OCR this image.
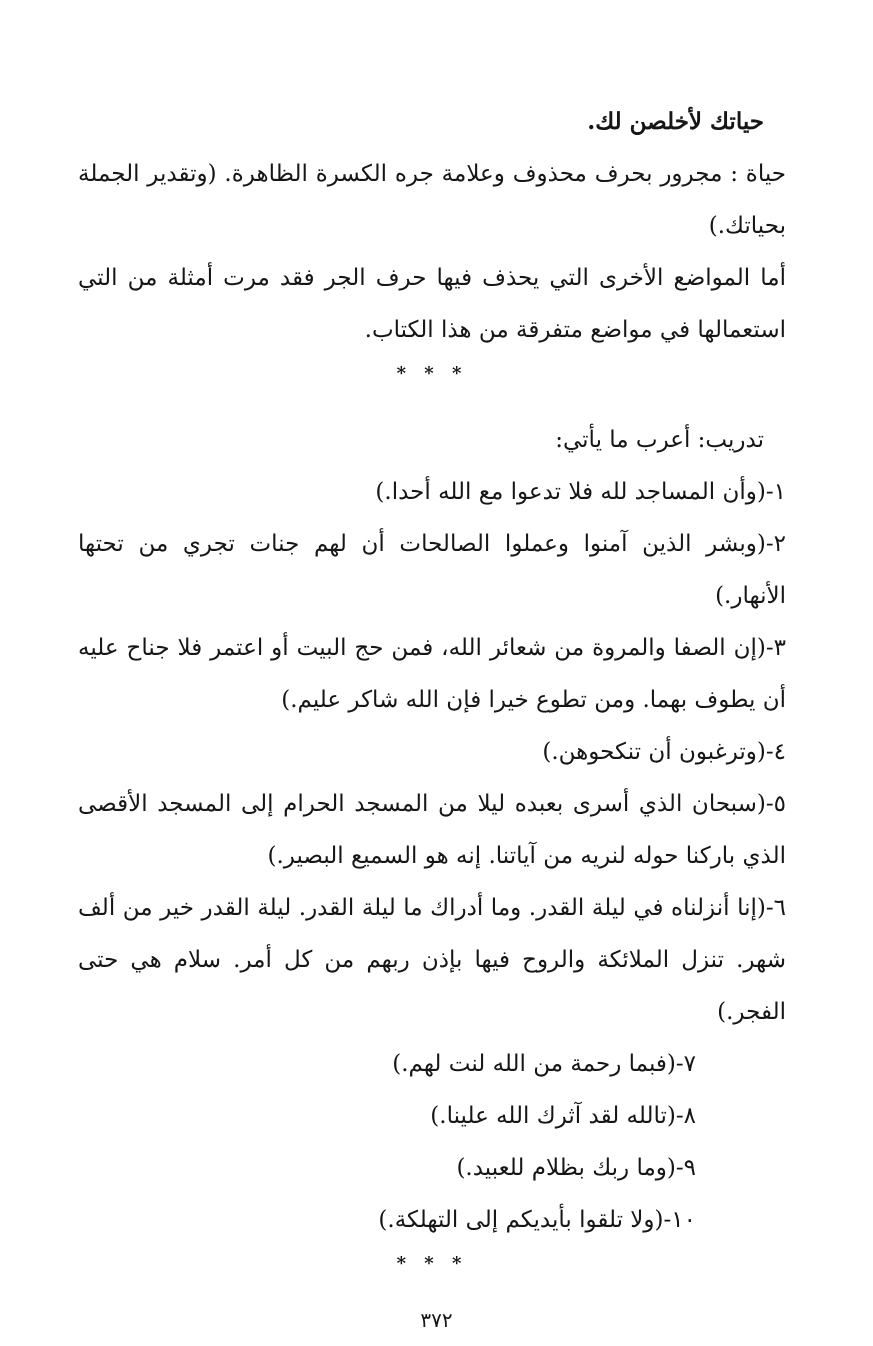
حياتك لأخلصن لك.
حياة : مجرور بحرف محذوف وعلامة جره الكسرة الظاهرة. (وتقدير الجملة
بحياتك.)
أما المواضع الأخرى التي يحذف فيها حرف الجر فقد مرت أمثلة من التي
استعمالها في مواضع متفرقة من هذا الكتاب.
* * *
تدريب: أعرب ما يأتي:
١-(وأن المساجد لله فلا تدعوا مع الله أحدا.)
٢-(وبشر الذين آمنوا وعملوا الصالحات أن لهم جنات تجري من تحتها
الأنهار.)
٣-(إن الصفا والمروة من شعائر الله، فمن حج البيت أو اعتمر فلا جناح عليه
أن يطوف بهما. ومن تطوع خيرا فإن الله شاكر عليم.)
٤-(وترغبون أن تنكحوهن.)
٥-(سبحان الذي أسرى بعبده ليلا من المسجد الحرام إلى المسجد الأقصى
الذي باركنا حوله لنريه من آياتنا. إنه هو السميع البصير.)
٦-(إنا أنزلناه في ليلة القدر. وما أدراك ما ليلة القدر. ليلة القدر خير من ألف
شهر. تنزل الملائكة والروح فيها بإذن ربهم من كل أمر. سلام هي حتى
الفجر.)
٧-(فبما رحمة من الله لنت لهم.)
٨-(تالله لقد آثرك الله علينا.)
٩-(وما ربك بظلام للعبيد.)
١٠-(ولا تلقوا بأيديكم إلى التهلكة.)
* * *
٣٧٢
